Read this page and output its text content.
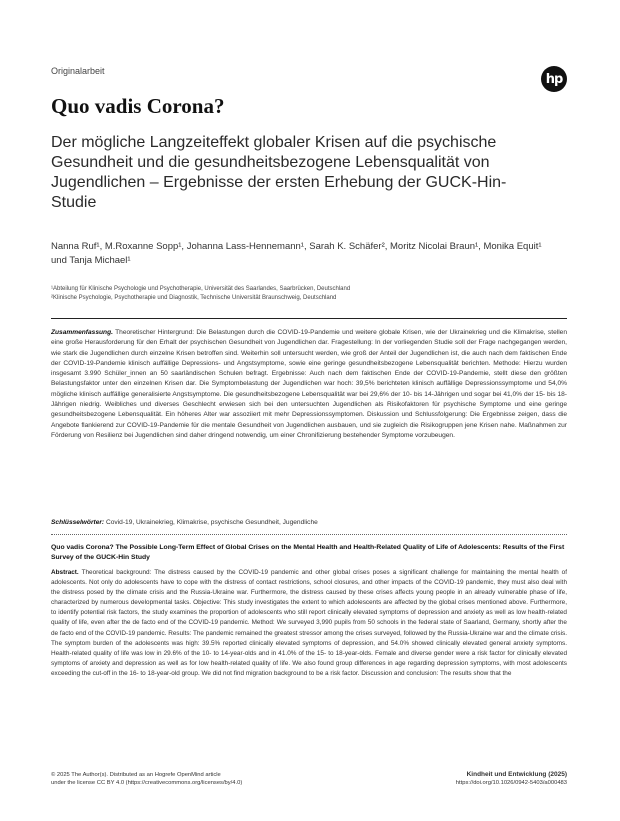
Originalarbeit
hp
Quo vadis Corona?
Der mögliche Langzeiteffekt globaler Krisen auf die psychische Gesundheit und die gesundheitsbezogene Lebensqualität von Jugendlichen – Ergebnisse der ersten Erhebung der GUCK-Hin-Studie
Nanna Ruf¹, M.Roxanne Sopp¹, Johanna Lass-Hennemann¹, Sarah K. Schäfer², Moritz Nicolai Braun¹, Monika Equit¹ und Tanja Michael¹
¹Abteilung für Klinische Psychologie und Psychotherapie, Universität des Saarlandes, Saarbrücken, Deutschland
²Klinische Psychologie, Psychotherapie und Diagnostik, Technische Universität Braunschweig, Deutschland
Zusammenfassung. Theoretischer Hintergrund: Die Belastungen durch die COVID-19-Pandemie und weitere globale Krisen, wie der Ukrainekrieg und die Klimakrise, stellen eine große Herausforderung für den Erhalt der psychischen Gesundheit von Jugendlichen dar. Fragestellung: In der vorliegenden Studie soll der Frage nachgegangen werden, wie stark die Jugendlichen durch einzelne Krisen betroffen sind. Weiterhin soll untersucht werden, wie groß der Anteil der Jugendlichen ist, die auch nach dem faktischen Ende der COVID-19-Pandemie klinisch auffällige Depressions- und Angstsymptome, sowie eine geringe gesundheitsbezogene Lebensqualität berichten. Methode: Hierzu wurden insgesamt 3.990 Schüler_innen an 50 saarländischen Schulen befragt. Ergebnisse: Auch nach dem faktischen Ende der COVID-19-Pandemie, stellt diese den größten Belastungsfaktor unter den einzelnen Krisen dar. Die Symptombelastung der Jugendlichen war hoch: 39,5% berichteten klinisch auffällige Depressionssymptome und 54,0% mögliche klinisch auffällige generalisierte Angstsymptome. Die gesundheitsbezogene Lebensqualität war bei 29,6% der 10- bis 14-Jährigen und sogar bei 41,0% der 15- bis 18-Jährigen niedrig. Weibliches und diverses Geschlecht erwiesen sich bei den untersuchten Jugendlichen als Risikofaktoren für psychische Symptome und eine geringe gesundheitsbezogene Lebensqualität. Ein höheres Alter war assoziiert mit mehr Depressionssymptomen. Diskussion und Schlussfolgerung: Die Ergebnisse zeigen, dass die Angebote flankierend zur COVID-19-Pandemie für die mentale Gesundheit von Jugendlichen ausbauen, und sie zugleich die Risikogruppen jene Krisen nahe. Maßnahmen zur Förderung von Resilienz bei Jugendlichen sind daher dringend notwendig, um einer Chronifizierung bestehender Symptome vorzubeugen.
Schlüsselwörter: Covid-19, Ukrainekrieg, Klimakrise, psychische Gesundheit, Jugendliche
Quo vadis Corona? The Possible Long-Term Effect of Global Crises on the Mental Health and Health-Related Quality of Life of Adolescents: Results of the First Survey of the GUCK-Hin Study
Abstract. Theoretical background: The distress caused by the COVID-19 pandemic and other global crises poses a significant challenge for maintaining the mental health of adolescents. Not only do adolescents have to cope with the distress of contact restrictions, school closures, and other impacts of the COVID-19 pandemic, they must also deal with the distress posed by the climate crisis and the Russia-Ukraine war. Furthermore, the distress caused by these crises affects young people in an already vulnerable phase of life, characterized by numerous developmental tasks. Objective: This study investigates the extent to which adolescents are affected by the global crises mentioned above. Furthermore, to identify potential risk factors, the study examines the proportion of adolescents who still report clinically elevated symptoms of depression and anxiety as well as low health-related quality of life, even after the de facto end of the COVID-19 pandemic. Method: We surveyed 3,990 pupils from 50 schools in the federal state of Saarland, Germany, shortly after the de facto end of the COVID-19 pandemic. Results: The pandemic remained the greatest stressor among the crises surveyed, followed by the Russia-Ukraine war and the climate crisis. The symptom burden of the adolescents was high: 39.5% reported clinically elevated symptoms of depression, and 54.0% showed clinically elevated general anxiety symptoms. Health-related quality of life was low in 29.6% of the 10- to 14-year-olds and in 41.0% of the 15- to 18-year-olds. Female and diverse gender were a risk factor for clinically elevated symptoms of anxiety and depression as well as for low health-related quality of life. We also found group differences in age regarding depression symptoms, with most adolescents exceeding the cut-off in the 16- to 18-year-old group. We did not find migration background to be a risk factor. Discussion and conclusion: The results show that the
© 2025 The Author(s). Distributed as an Hogrefe OpenMind article
under the license CC BY 4.0 (https://creativecommons.org/licenses/by/4.0)
Kindheit und Entwicklung (2025)
https://doi.org/10.1026/0942-5403/a000483
